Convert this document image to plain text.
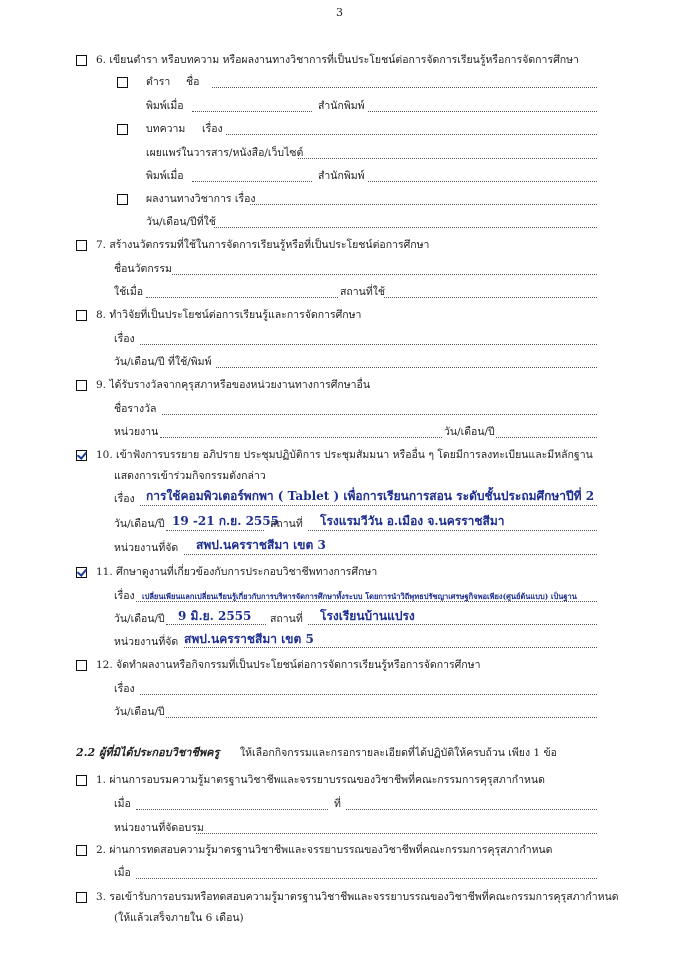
3
6. เขียนตำรา หรือบทความ หรือผลงานทางวิชาการที่เป็นประโยชน์ต่อการจัดการเรียนรู้หรือการจัดการศึกษา
ตำรา ชื่อ
พิมพ์เมื่อ	สำนักพิมพ์
บทความ เรื่อง
เผยแพร่ในวารสาร/หนังสือ/เว็บไซต์
พิมพ์เมื่อ	สำนักพิมพ์
ผลงานทางวิชาการ เรื่อง
วัน/เดือน/ปีที่ใช้
7. สร้างนวัตกรรมที่ใช้ในการจัดการเรียนรู้หรือที่เป็นประโยชน์ต่อการศึกษา
ชื่อนวัตกรรม
ใช้เมื่อ	สถานที่ใช้
8. ทำวิจัยที่เป็นประโยชน์ต่อการเรียนรู้และการจัดการศึกษา
เรื่อง
วัน/เดือน/ปี ที่ใช้/พิมพ์
9. ได้รับรางวัลจากคุรุสภาหรือของหน่วยงานทางการศึกษาอื่น
ชื่อรางวัล
หน่วยงาน	วัน/เดือน/ปี
10. เข้าฟังการบรรยาย อภิปราย ประชุมปฏิบัติการ ประชุมสัมมนา หรืออื่น ๆ โดยมีการลงทะเบียนและมีหลักฐาน
แสดงการเข้าร่วมกิจกรรมดังกล่าว
เรื่อง การใช้คอมพิวเตอร์พกพา ( Tablet ) เพื่อการเรียนการสอน ระดับชั้นประถมศึกษาปีที่ 2
วัน/เดือน/ปี 19 -21 ก.ย. 2555
สถานที่ โรงแรมวีวัน อ.เมือง จ.นครราชสีมา
หน่วยงานที่จัด สพป.นครราชสีมา เขต 3
11. ศึกษาดูงานที่เกี่ยวข้องกับการประกอบวิชาชีพทางการศึกษา
เรื่อง เปลี่ยนเพียนแลกเปลี่ยนเรียนรู้เกี่ยวกับการบริหารจัดการศึกษาทั้งระบบ โดยการนำวิถีพุทธปรัชญาเศรษฐกิจพอเพียง(ศูนย์ต้นแบบ) เป็นฐาน
วัน/เดือน/ปี 9 มิ.ย. 2555 สถานที่ โรงเรียนบ้านแปรง
หน่วยงานที่จัด สพป.นครราชสีมา เขต 5
12. จัดทำผลงานหรือกิจกรรมที่เป็นประโยชน์ต่อการจัดการเรียนรู้หรือการจัดการศึกษา
เรื่อง
วัน/เดือน/ปี
2.2 ผู้ที่มิได้ประกอบวิชาชีพครู ให้เลือกกิจกรรมและกรอกรายละเอียดที่ได้ปฏิบัติให้ครบถ้วน เพียง 1 ข้อ
1. ผ่านการอบรมความรู้มาตรฐานวิชาชีพและจรรยาบรรณของวิชาชีพที่คณะกรรมการคุรุสภากำหนด
เมื่อ	ที่
หน่วยงานที่จัดอบรม
2. ผ่านการทดสอบความรู้มาตรฐานวิชาชีพและจรรยาบรรณของวิชาชีพที่คณะกรรมการคุรุสภากำหนด
เมื่อ
3. รอเข้ารับการอบรมหรือทดสอบความรู้มาตรฐานวิชาชีพและจรรยาบรรณของวิชาชีพที่คณะกรรมการคุรุสภากำหนด
(ให้แล้วเสร็จภายใน 6 เดือน)
